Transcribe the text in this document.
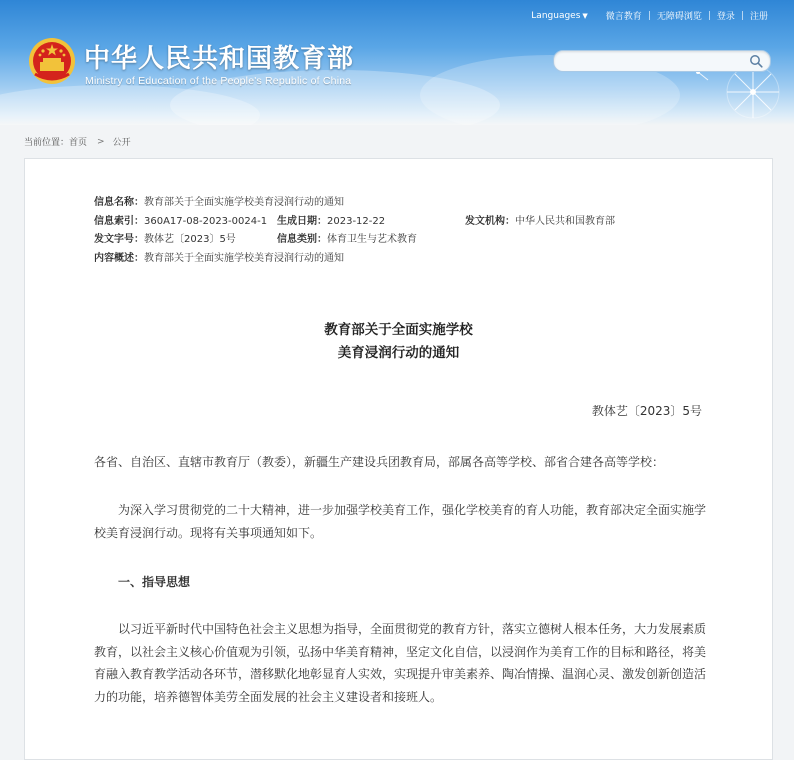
中华人民共和国教育部
Ministry of Education of the People's Republic of China
Languages ▼ 微言教育 | 无障碍浏览 | 登录 | 注册
当前位置： 首页 > 公开
信息名称：教育部关于全面实施学校美育浸润行动的通知
信息索引：360A17-08-2023-0024-1 生成日期：2023-12-22	发文机构：中华人民共和国教育部
发文字号：教体艺〔2023〕5号	信息类别：体育卫生与艺术教育
内容概述：教育部关于全面实施学校美育浸润行动的通知
教育部关于全面实施学校
美育浸润行动的通知
教体艺〔2023〕5号
各省、自治区、直辖市教育厅（教委），新疆生产建设兵团教育局，部属各高等学校、部省合建各高等学校：
为深入学习贯彻党的二十大精神，进一步加强学校美育工作，强化学校美育的育人功能，教育部决定全面实施学校美育浸润行动。现将有关事项通知如下。
一、指导思想
以习近平新时代中国特色社会主义思想为指导，全面贯彻党的教育方针，落实立德树人根本任务，大力发展素质教育，以社会主义核心价值观为引领，弘扬中华美育精神，坚定文化自信，以浸润作为美育工作的目标和路径，将美育融入教育教学活动各环节，潜移默化地彰显育人实效，实现提升审美素养、陶冶情操、温润心灵、激发创新创造活力的功能，培养德智体美劳全面发展的社会主义建设者和接班人。
